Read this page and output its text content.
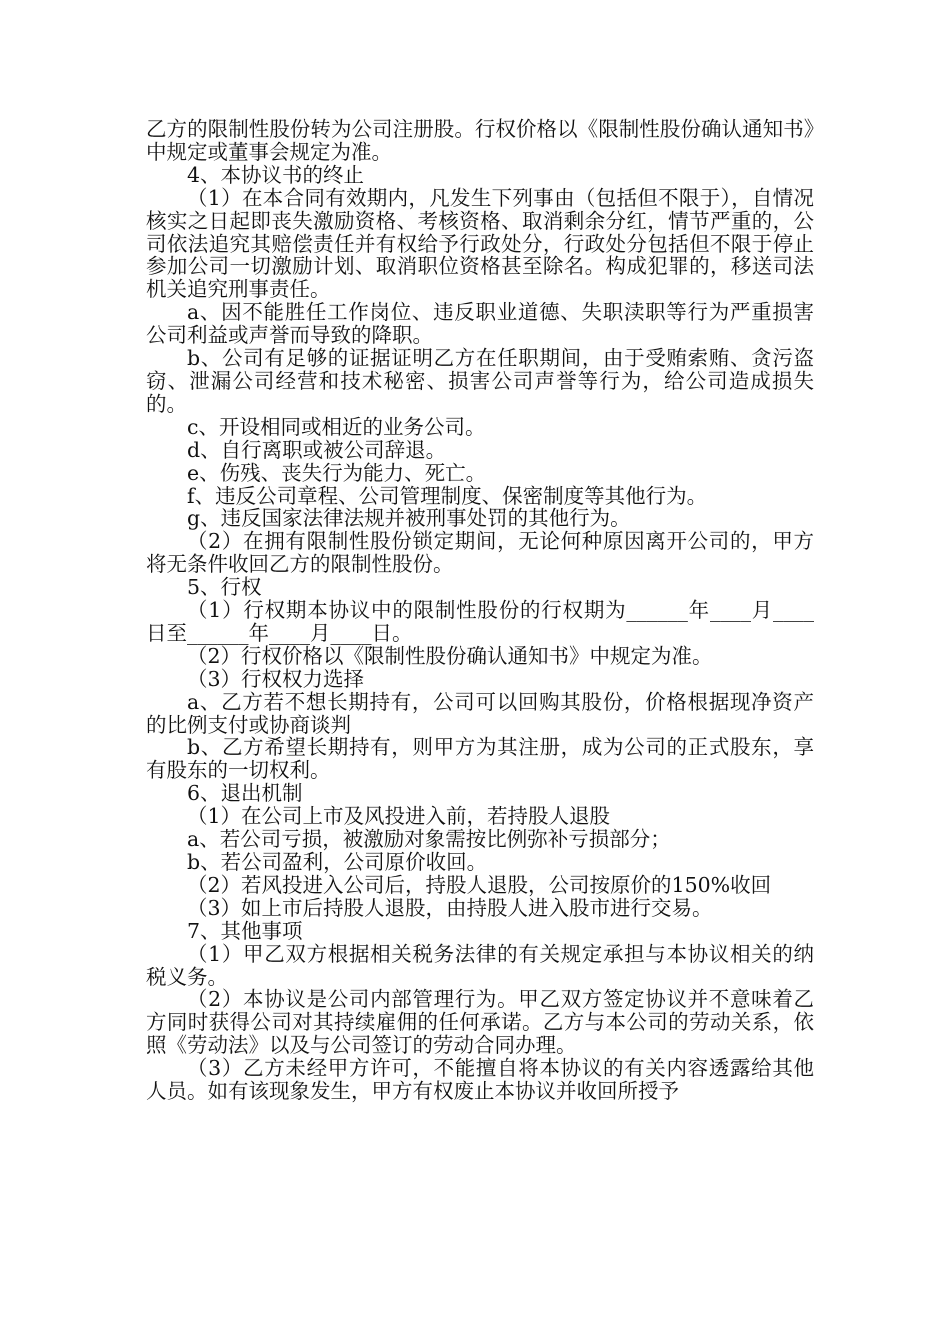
乙方的限制性股份转为公司注册股。行权价格以《限制性股份确认通知书》中规定或董事会规定为准。

4、本协议书的终止

（1）在本合同有效期内，凡发生下列事由（包括但不限于），自情况核实之日起即丧失激励资格、考核资格、取消剩余分红，情节严重的，公司依法追究其赔偿责任并有权给予行政处分，行政处分包括但不限于停止参加公司一切激励计划、取消职位资格甚至除名。构成犯罪的，移送司法机关追究刑事责任。

a、因不能胜任工作岗位、违反职业道德、失职渎职等行为严重损害公司利益或声誉而导致的降职。

b、公司有足够的证据证明乙方在任职期间，由于受贿索贿、贪污盗窃、泄漏公司经营和技术秘密、损害公司声誉等行为，给公司造成损失的。

c、开设相同或相近的业务公司。

d、自行离职或被公司辞退。

e、伤残、丧失行为能力、死亡。

f、违反公司章程、公司管理制度、保密制度等其他行为。

g、违反国家法律法规并被刑事处罚的其他行为。

（2）在拥有限制性股份锁定期间，无论何种原因离开公司的，甲方将无条件收回乙方的限制性股份。

5、行权

（1）行权期本协议中的限制性股份的行权期为______年____月____日至______年____月____日。

（2）行权价格以《限制性股份确认通知书》中规定为准。

（3）行权权力选择

a、乙方若不想长期持有，公司可以回购其股份，价格根据现净资产的比例支付或协商谈判

b、乙方希望长期持有，则甲方为其注册，成为公司的正式股东，享有股东的一切权利。

6、退出机制

（1）在公司上市及风投进入前，若持股人退股

a、若公司亏损，被激励对象需按比例弥补亏损部分；

b、若公司盈利，公司原价收回。

（2）若风投进入公司后，持股人退股，公司按原价的150%收回

（3）如上市后持股人退股，由持股人进入股市进行交易。

7、其他事项

（1）甲乙双方根据相关税务法律的有关规定承担与本协议相关的纳税义务。

（2）本协议是公司内部管理行为。甲乙双方签定协议并不意味着乙方同时获得公司对其持续雇佣的任何承诺。乙方与本公司的劳动关系，依照《劳动法》以及与公司签订的劳动合同办理。

（3）乙方未经甲方许可，不能擅自将本协议的有关内容透露给其他人员。如有该现象发生，甲方有权废止本协议并收回所授予
